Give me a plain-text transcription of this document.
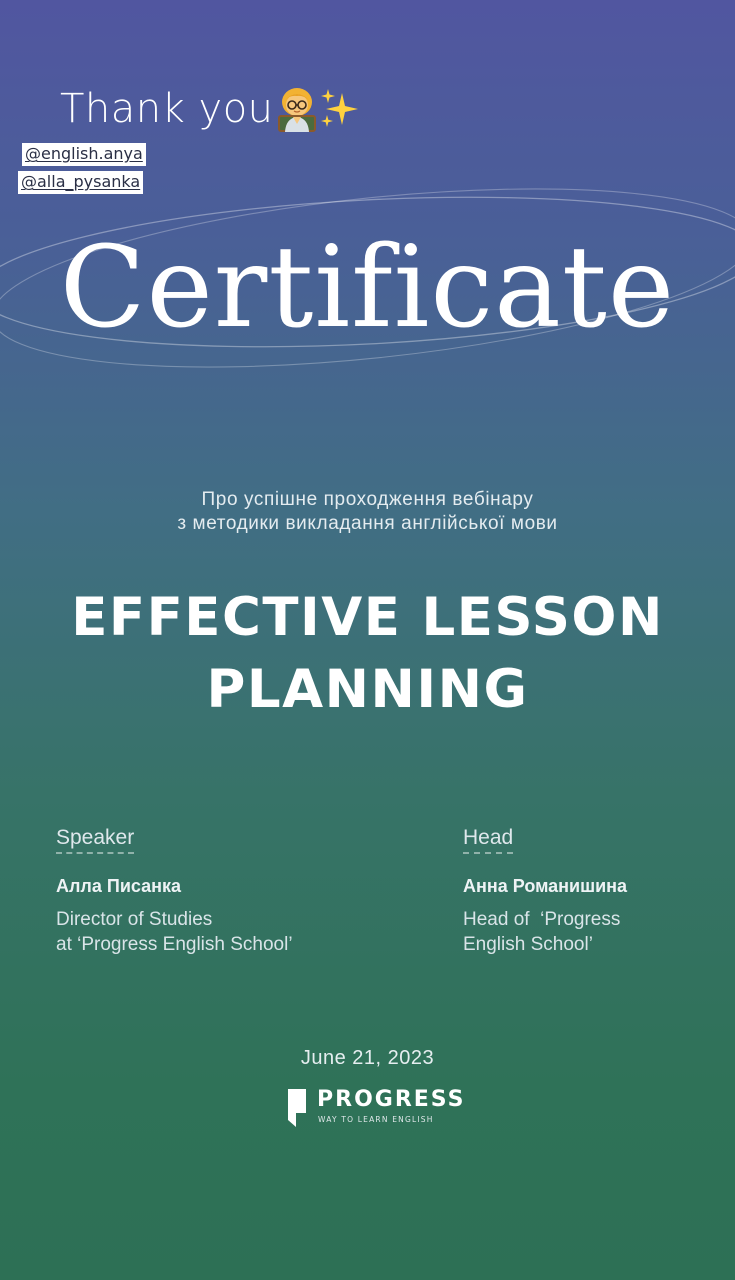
Thank you
@english.anya
@alla_pysanka
Certificate
Про успішне проходження вебінару
з методики викладання англійської мови
EFFECTIVE LESSON
PLANNING
Speaker
Алла Писанка
Director of Studies
at ‘Progress English School’
Head
Анна Романишина
Head of  ‘Progress
English School’
June 21, 2023
PROGRESS
WAY TO LEARN ENGLISH
